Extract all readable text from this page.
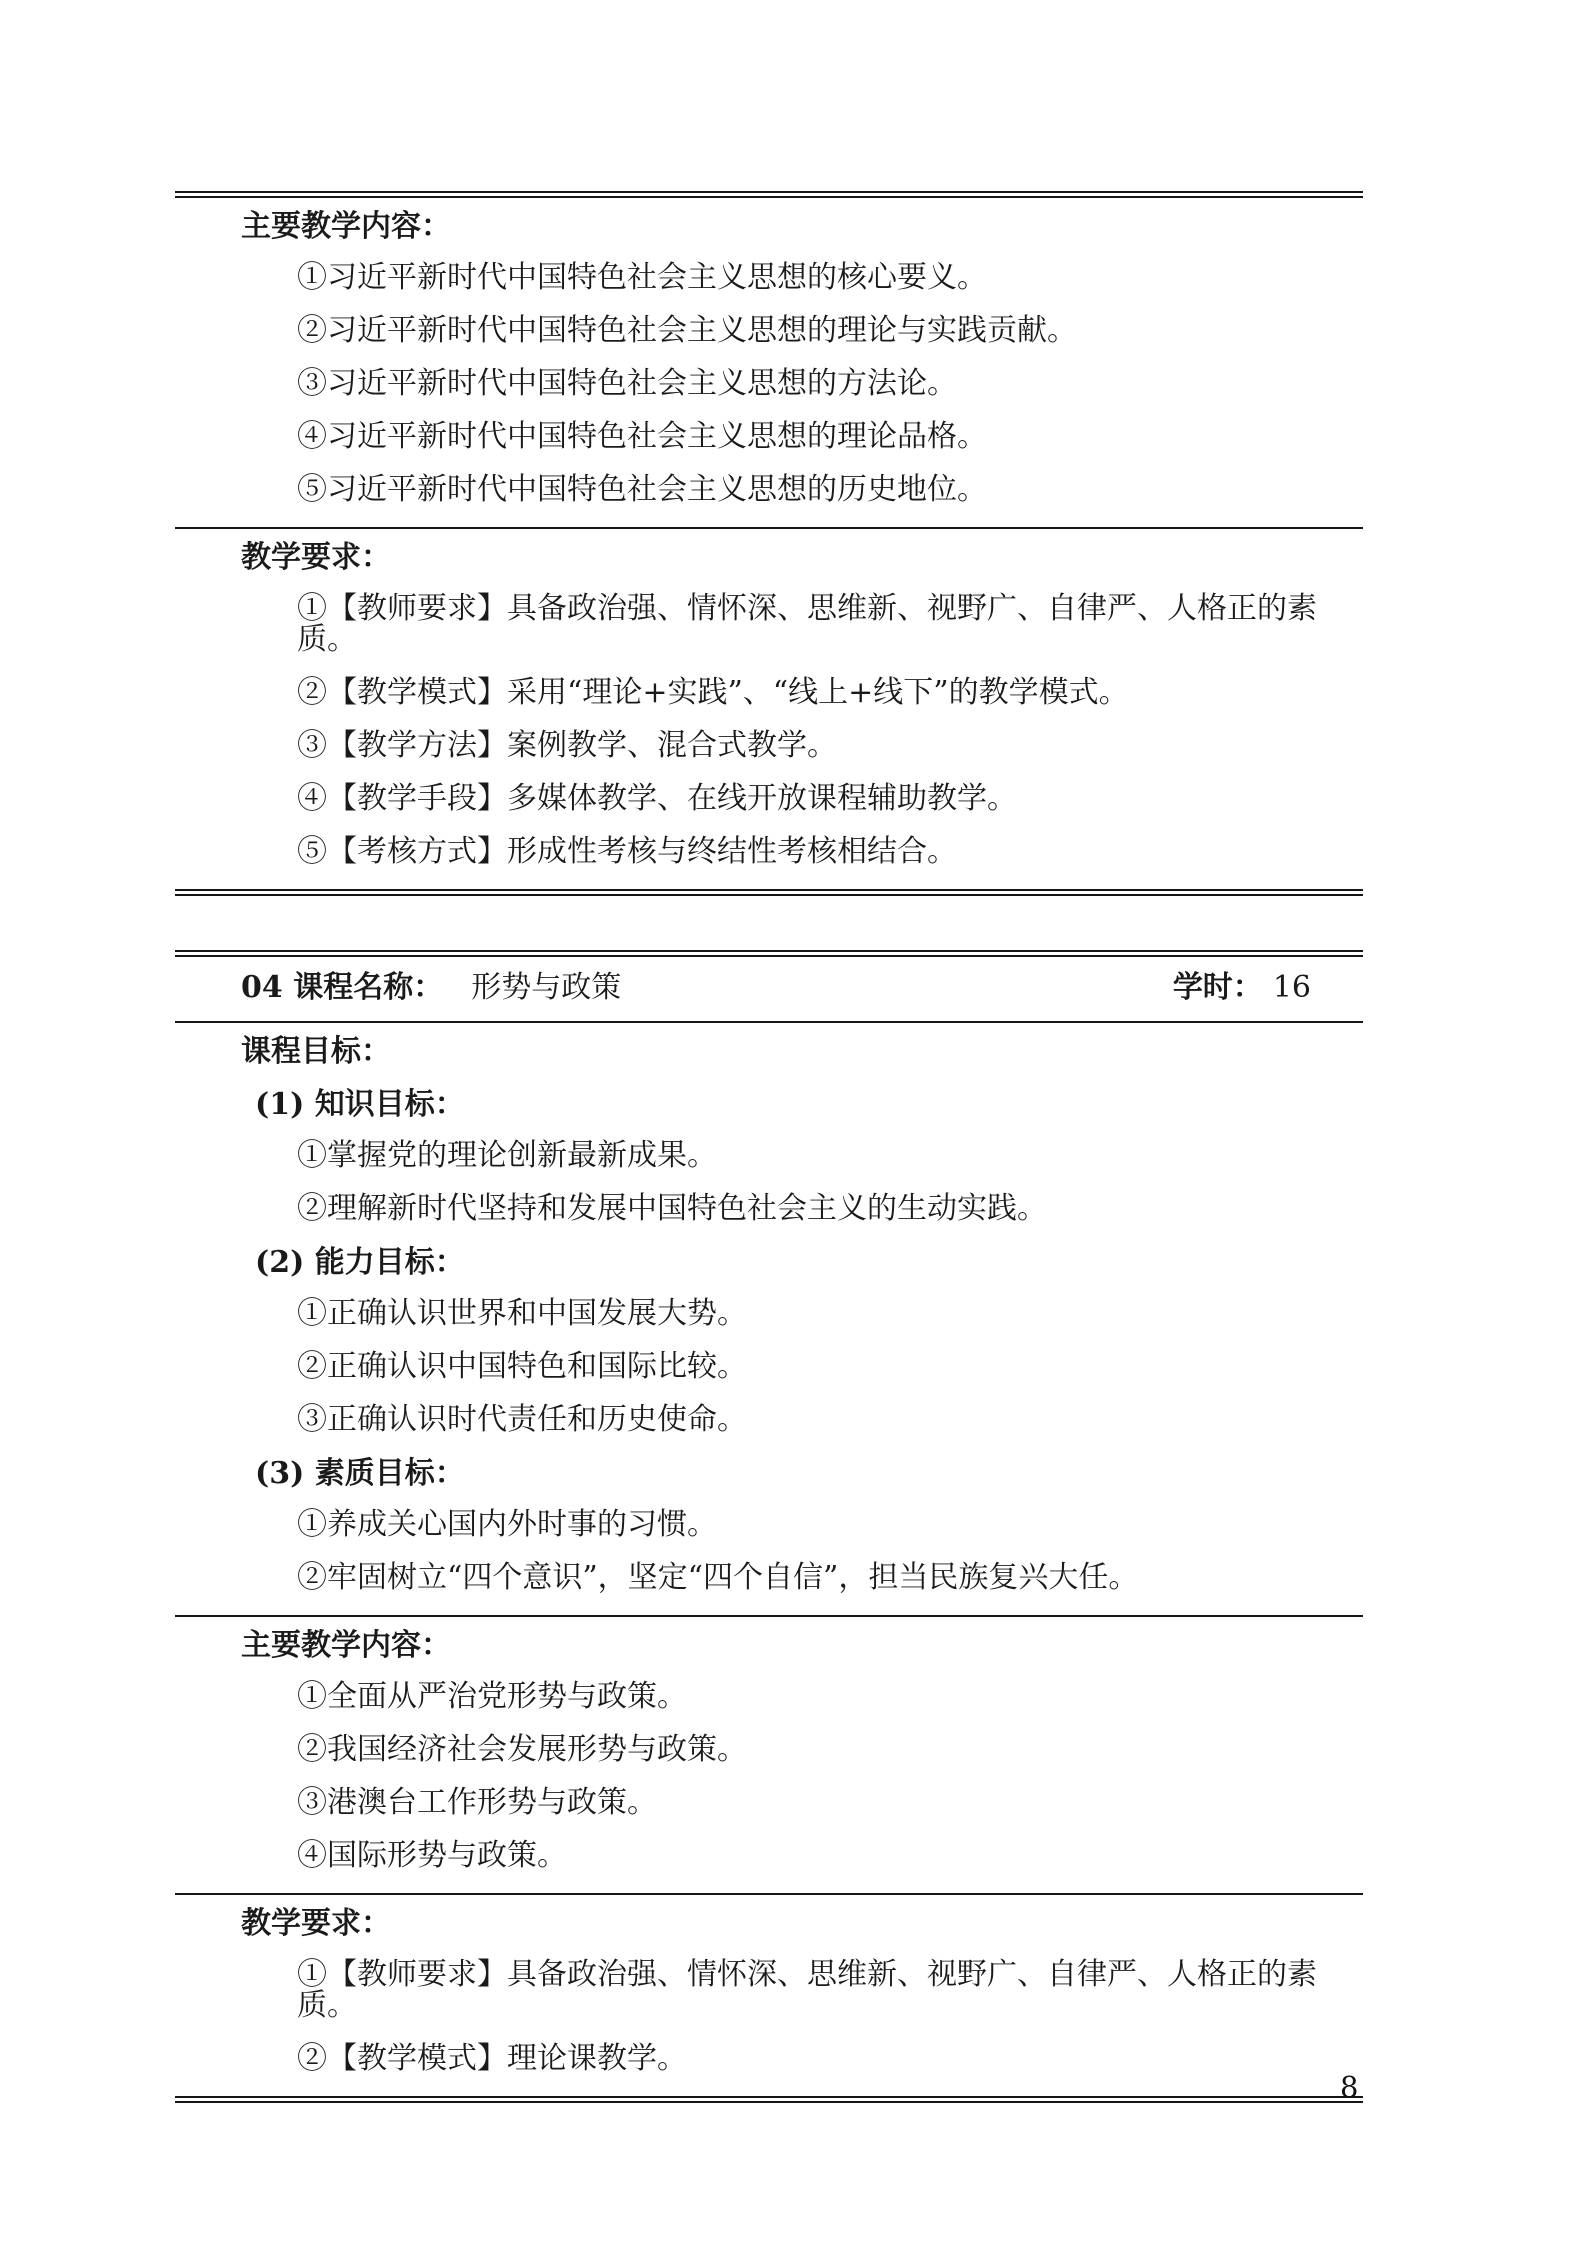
主要教学内容：
①习近平新时代中国特色社会主义思想的核心要义。
②习近平新时代中国特色社会主义思想的理论与实践贡献。
③习近平新时代中国特色社会主义思想的方法论。
④习近平新时代中国特色社会主义思想的理论品格。
⑤习近平新时代中国特色社会主义思想的历史地位。
教学要求：
①【教师要求】具备政治强、情怀深、思维新、视野广、自律严、人格正的素质。
②【教学模式】采用“理论+实践”、“线上+线下”的教学模式。
③【教学方法】案例教学、混合式教学。
④【教学手段】多媒体教学、在线开放课程辅助教学。
⑤【考核方式】形成性考核与终结性考核相结合。
04 课程名称： 形势与政策	学时： 16
课程目标：
(1) 知识目标：
①掌握党的理论创新最新成果。
②理解新时代坚持和发展中国特色社会主义的生动实践。
(2) 能力目标：
①正确认识世界和中国发展大势。
②正确认识中国特色和国际比较。
③正确认识时代责任和历史使命。
(3) 素质目标：
①养成关心国内外时事的习惯。
②牢固树立“四个意识”，坚定“四个自信”，担当民族复兴大任。
主要教学内容：
①全面从严治党形势与政策。
②我国经济社会发展形势与政策。
③港澳台工作形势与政策。
④国际形势与政策。
教学要求：
①【教师要求】具备政治强、情怀深、思维新、视野广、自律严、人格正的素质。
②【教学模式】理论课教学。
8
